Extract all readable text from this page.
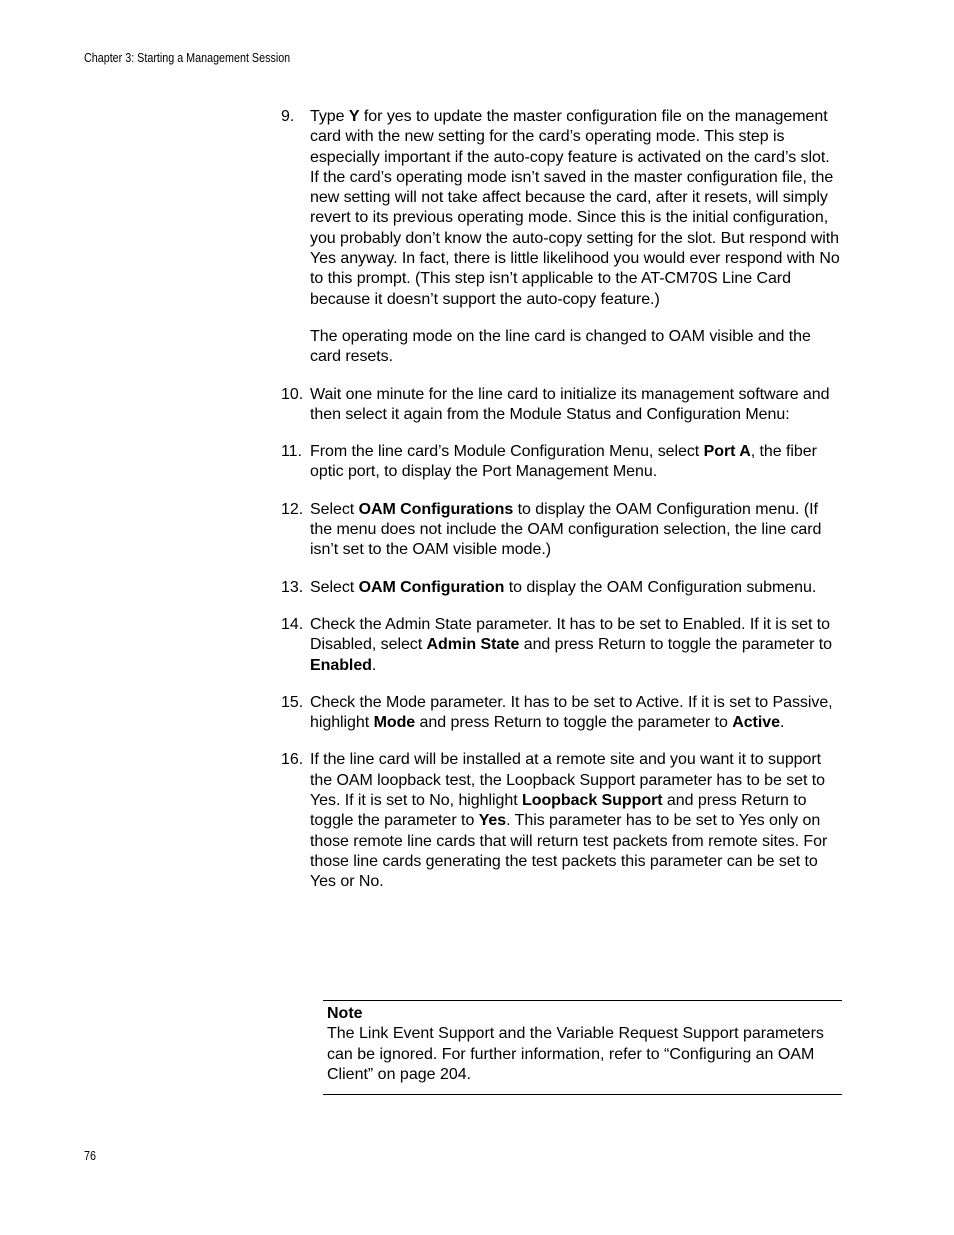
Chapter 3: Starting a Management Session
9. Type Y for yes to update the master configuration file on the management card with the new setting for the card’s operating mode. This step is especially important if the auto-copy feature is activated on the card’s slot. If the card’s operating mode isn’t saved in the master configuration file, the new setting will not take affect because the card, after it resets, will simply revert to its previous operating mode. Since this is the initial configuration, you probably don’t know the auto-copy setting for the slot. But respond with Yes anyway. In fact, there is little likelihood you would ever respond with No to this prompt. (This step isn’t applicable to the AT-CM70S Line Card because it doesn’t support the auto-copy feature.)
The operating mode on the line card is changed to OAM visible and the card resets.
10. Wait one minute for the line card to initialize its management software and then select it again from the Module Status and Configuration Menu:
11. From the line card’s Module Configuration Menu, select Port A, the fiber optic port, to display the Port Management Menu.
12. Select OAM Configurations to display the OAM Configuration menu. (If the menu does not include the OAM configuration selection, the line card isn’t set to the OAM visible mode.)
13. Select OAM Configuration to display the OAM Configuration submenu.
14. Check the Admin State parameter. It has to be set to Enabled. If it is set to Disabled, select Admin State and press Return to toggle the parameter to Enabled.
15. Check the Mode parameter. It has to be set to Active. If it is set to Passive, highlight Mode and press Return to toggle the parameter to Active.
16. If the line card will be installed at a remote site and you want it to support the OAM loopback test, the Loopback Support parameter has to be set to Yes. If it is set to No, highlight Loopback Support and press Return to toggle the parameter to Yes. This parameter has to be set to Yes only on those remote line cards that will return test packets from remote sites. For those line cards generating the test packets this parameter can be set to Yes or No.
Note
The Link Event Support and the Variable Request Support parameters can be ignored. For further information, refer to “Configuring an OAM Client” on page 204.
76
